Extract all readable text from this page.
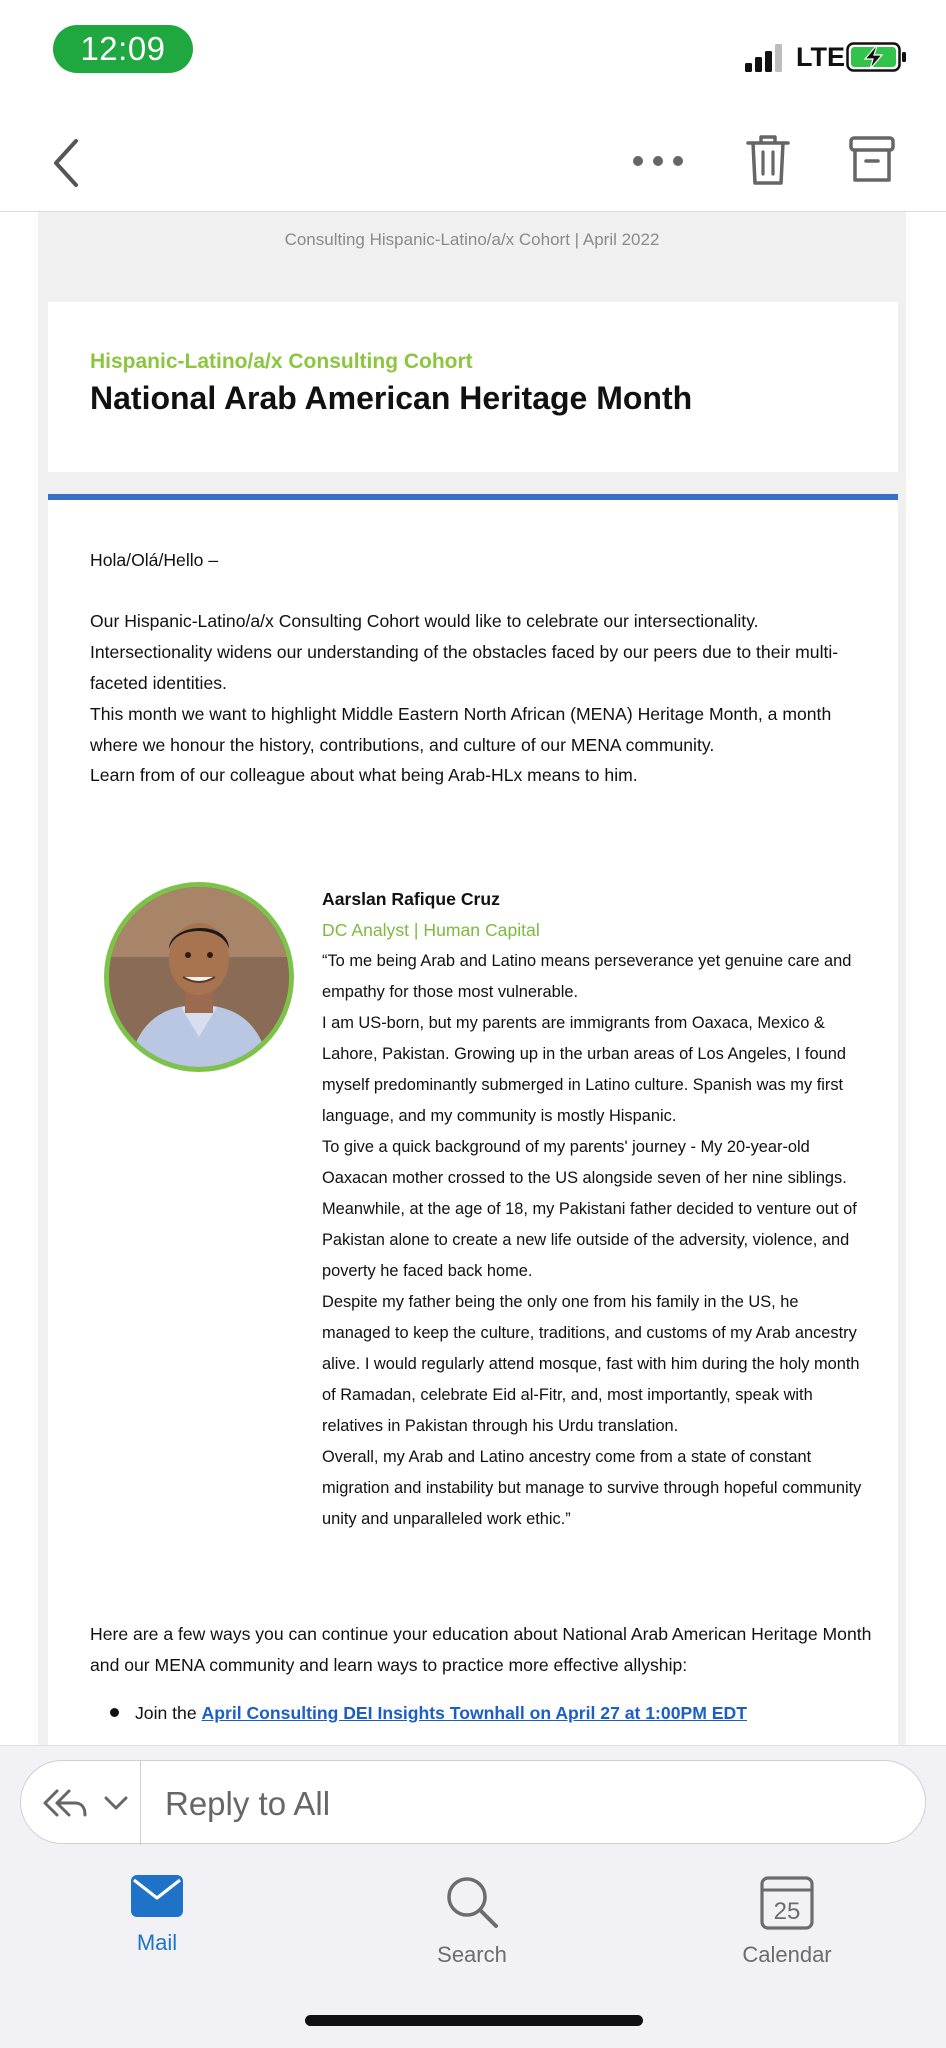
12:09	LTE
Consulting Hispanic-Latino/a/x Cohort | April 2022
Hispanic-Latino/a/x Consulting Cohort
National Arab American Heritage Month
Hola/Olá/Hello –
Our Hispanic-Latino/a/x Consulting Cohort would like to celebrate our intersectionality. Intersectionality widens our understanding of the obstacles faced by our peers due to their multi-faceted identities.
This month we want to highlight Middle Eastern North African (MENA) Heritage Month, a month where we honour the history, contributions, and culture of our MENA community.
Learn from of our colleague about what being Arab-HLx means to him.
Aarslan Rafique Cruz
DC Analyst | Human Capital

“To me being Arab and Latino means perseverance yet genuine care and empathy for those most vulnerable.

I am US-born, but my parents are immigrants from Oaxaca, Mexico & Lahore, Pakistan. Growing up in the urban areas of Los Angeles, I found myself predominantly submerged in Latino culture. Spanish was my first language, and my community is mostly Hispanic.

To give a quick background of my parents' journey - My 20-year-old Oaxacan mother crossed to the US alongside seven of her nine siblings. Meanwhile, at the age of 18, my Pakistani father decided to venture out of Pakistan alone to create a new life outside of the adversity, violence, and poverty he faced back home.

Despite my father being the only one from his family in the US, he managed to keep the culture, traditions, and customs of my Arab ancestry alive. I would regularly attend mosque, fast with him during the holy month of Ramadan, celebrate Eid al-Fitr, and, most importantly, speak with relatives in Pakistan through his Urdu translation.

Overall, my Arab and Latino ancestry come from a state of constant migration and instability but manage to survive through hopeful community unity and unparalleled work ethic.”

Here are a few ways you can continue your education about National Arab American Heritage Month and our MENA community and learn ways to practice more effective allyship:
Join the April Consulting DEI Insights Townhall on April 27 at 1:00PM EDT
Reply to All
Mail	Search
25
Calendar
